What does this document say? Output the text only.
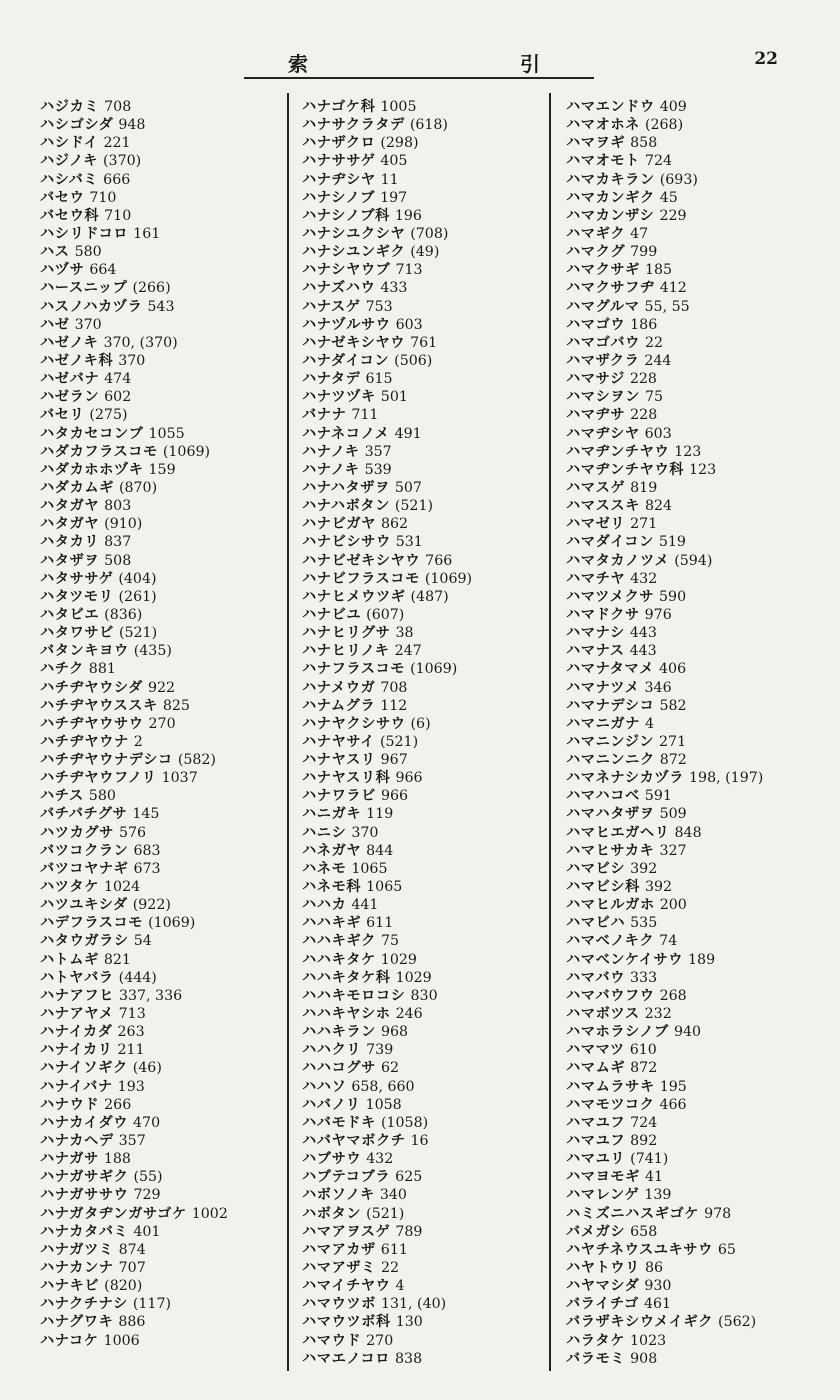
索	引	22
ハジカミ 708
ハシゴシダ 948
ハシドイ 221
ハジノキ (370)
ハシバミ 666
バセウ 710
バセウ科 710
ハシリドコロ 161
ハス 580
ハヅサ 664
ハースニップ (266)
ハスノハカヅラ 543
ハゼ 370
ハゼノキ 370, (370)
ハゼノキ科 370
ハゼバナ 474
ハゼラン 602
バセリ (275)
ハタカセコンブ 1055
ハダカフラスコモ (1069)
ハダカホホヅキ 159
ハダカムギ (870)
ハタガヤ 803
ハタガヤ (910)
ハタカリ 837
ハタザヲ 508
ハタササゲ (404)
ハタツモリ (261)
ハタビエ (836)
ハタワサビ (521)
バタンキヨウ (435)
ハチク 881
ハチヂヤウシダ 922
ハチヂヤウススキ 825
ハチヂヤウサウ 270
ハチヂヤウナ 2
ハチヂヤウナデシコ (582)
ハチヂヤウフノリ 1037
ハチス 580
バチバチグサ 145
ハツカグサ 576
バツコクラン 683
バツコヤナギ 673
ハツタケ 1024
ハツユキシダ (922)
ハデフラスコモ (1069)
ハタウガラシ 54
ハトムギ 821
ハトヤバラ (444)
ハナアフヒ 337, 336
ハナアヤメ 713
ハナイカダ 263
ハナイカリ 211
ハナイソギク (46)
ハナイバナ 193
ハナウド 266
ハナカイダウ 470
ハナカヘデ 357
ハナガサ 188
ハナガサギク (55)
ハナガササウ 729
ハナガタヂンガサゴケ 1002
ハナカタバミ 401
ハナガツミ 874
ハナカンナ 707
ハナキビ (820)
ハナクチナシ (117)
ハナグワキ 886
ハナコケ 1006
ハナゴケ科 1005
ハナサクラタデ (618)
ハナザクロ (298)
ハナササゲ 405
ハナヂシヤ 11
ハナシノブ 197
ハナシノブ科 196
ハナシユクシヤ (708)
ハナシユンギク (49)
ハナシヤウブ 713
ハナズハウ 433
ハナスゲ 753
ハナヅルサウ 603
ハナゼキシヤウ 761
ハナダイコン (506)
ハナタデ 615
ハナツヅキ 501
バナナ 711
ハナネコノメ 491
ハナノキ 357
ハナノキ 539
ハナハタザヲ 507
ハナハボタン (521)
ハナビガヤ 862
ハナビシサウ 531
ハナビゼキシヤウ 766
ハナビフラスコモ (1069)
ハナヒメウツギ (487)
ハナビユ (607)
ハナヒリグサ 38
ハナヒリノキ 247
ハナフラスコモ (1069)
ハナメウガ 708
ハナムグラ 112
ハナヤクシサウ (6)
ハナヤサイ (521)
ハナヤスリ 967
ハナヤスリ科 966
ハナワラビ 966
ハニガキ 119
ハニシ 370
ハネガヤ 844
ハネモ 1065
ハネモ科 1065
ハハカ 441
ハハキギ 611
ハハキギク 75
ハハキタケ 1029
ハハキタケ科 1029
ハハキモロコシ 830
ハハキヤシホ 246
ハハキラン 968
ハハクリ 739
ハハコグサ 62
ハハソ 658, 660
ハバノリ 1058
ハバモドキ (1058)
ハバヤマボクチ 16
ハブサウ 432
ハブテコブラ 625
ハボソノキ 340
ハボタン (521)
ハマアヲスゲ 789
ハマアカザ 611
ハマアザミ 22
ハマイチヤウ 4
ハマウツボ 131, (40)
ハマウツボ科 130
ハマウド 270
ハマエノコロ 838
ハマエンドウ 409
ハマオホネ (268)
ハマヲギ 858
ハマオモト 724
ハマカキラン (693)
ハマカンギク 45
ハマカンザシ 229
ハマギク 47
ハマクグ 799
ハマクサギ 185
ハマクサフヂ 412
ハマグルマ 55, 55
ハマゴウ 186
ハマゴバウ 22
ハマザクラ 244
ハマサジ 228
ハマシヲン 75
ハマヂサ 228
ハマヂシヤ 603
ハマヂンチヤウ 123
ハマヂンチヤウ科 123
ハマスゲ 819
ハマススキ 824
ハマゼリ 271
ハマダイコン 519
ハマタカノツメ (594)
ハマチヤ 432
ハマツメクサ 590
ハマドクサ 976
ハマナシ 443
ハマナス 443
ハマナタマメ 406
ハマナツメ 346
ハマナデシコ 582
ハマニガナ 4
ハマニンジン 271
ハマニンニク 872
ハマネナシカヅラ 198, (197)
ハマハコベ 591
ハマハタザヲ 509
ハマヒエガヘリ 848
ハマヒサカキ 327
ハマビシ 392
ハマビシ科 392
ハマヒルガホ 200
ハマビハ 535
ハマベノキク 74
ハマベンケイサウ 189
ハマバウ 333
ハマバウフウ 268
ハマボツス 232
ハマホラシノブ 940
ハママツ 610
ハマムギ 872
ハマムラサキ 195
ハマモツコク 466
ハマユフ 724
ハマユフ 892
ハマユリ (741)
ハマヨモギ 41
ハマレンゲ 139
ハミズニハスギゴケ 978
バメガシ 658
ハヤチネウスユキサウ 65
ハヤトウリ 86
ハヤマシダ 930
バライチゴ 461
バラザキシウメイギク (562)
ハラタケ 1023
バラモミ 908
